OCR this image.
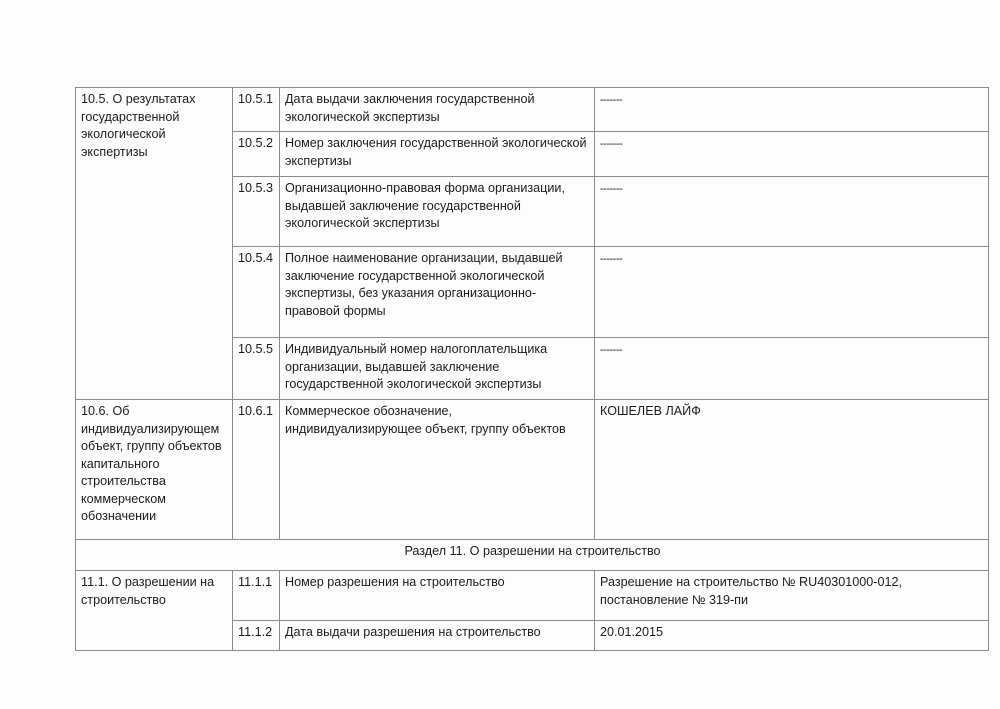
10.5. О результатах государственной экологической экспертизы	10.5.1	Дата выдачи заключения государственной экологической экспертизы	-------
	10.5.2	Номер заключения государственной экологической экспертизы	-------
	10.5.3	Организационно-правовая форма организации, выдавшей заключение государственной экологической экспертизы	-------
	10.5.4	Полное наименование организации, выдавшей заключение государственной экологической экспертизы, без указания организационно-правовой формы	-------
	10.5.5	Индивидуальный номер налогоплательщика организации, выдавшей заключение государственной экологической экспертизы	-------
10.6. Об индивидуализирующем объект, группу объектов капитального строительства коммерческом обозначении	10.6.1	Коммерческое обозначение, индивидуализирующее объект, группу объектов	КОШЕЛЕВ ЛАЙФ
Раздел 11. О разрешении на строительство			
11.1. О разрешении на строительство	11.1.1	Номер разрешения на строительство	Разрешение на строительство № RU40301000-012, постановление № 319-пи
	11.1.2	Дата выдачи разрешения на строительство	20.01.2015
